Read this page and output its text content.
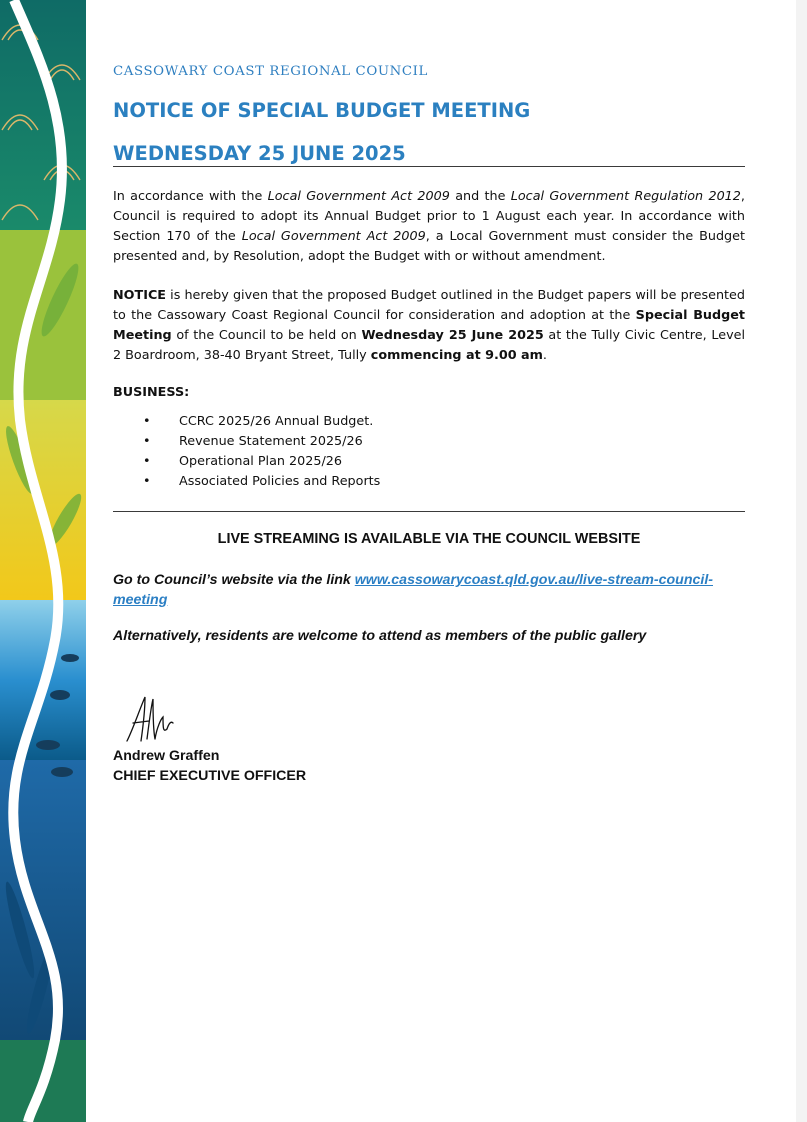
CASSOWARY COAST REGIONAL COUNCIL
NOTICE OF SPECIAL BUDGET MEETING
WEDNESDAY 25 JUNE 2025

In accordance with the Local Government Act 2009 and the Local Government Regulation 2012, Council is required to adopt its Annual Budget prior to 1 August each year. In accordance with Section 170 of the Local Government Act 2009, a Local Government must consider the Budget presented and, by Resolution, adopt the Budget with or without amendment.

NOTICE is hereby given that the proposed Budget outlined in the Budget papers will be presented to the Cassowary Coast Regional Council for consideration and adoption at the Special Budget Meeting of the Council to be held on Wednesday 25 June 2025 at the Tully Civic Centre, Level 2 Boardroom, 38-40 Bryant Street, Tully commencing at 9.00 am.

BUSINESS:
• CCRC 2025/26 Annual Budget.
• Revenue Statement 2025/26
• Operational Plan 2025/26
• Associated Policies and Reports
LIVE STREAMING IS AVAILABLE VIA THE COUNCIL WEBSITE
Go to Council’s website via the link www.cassowarycoast.qld.gov.au/live-stream-council-meeting
Alternatively, residents are welcome to attend as members of the public gallery
Andrew Graffen
CHIEF EXECUTIVE OFFICER
